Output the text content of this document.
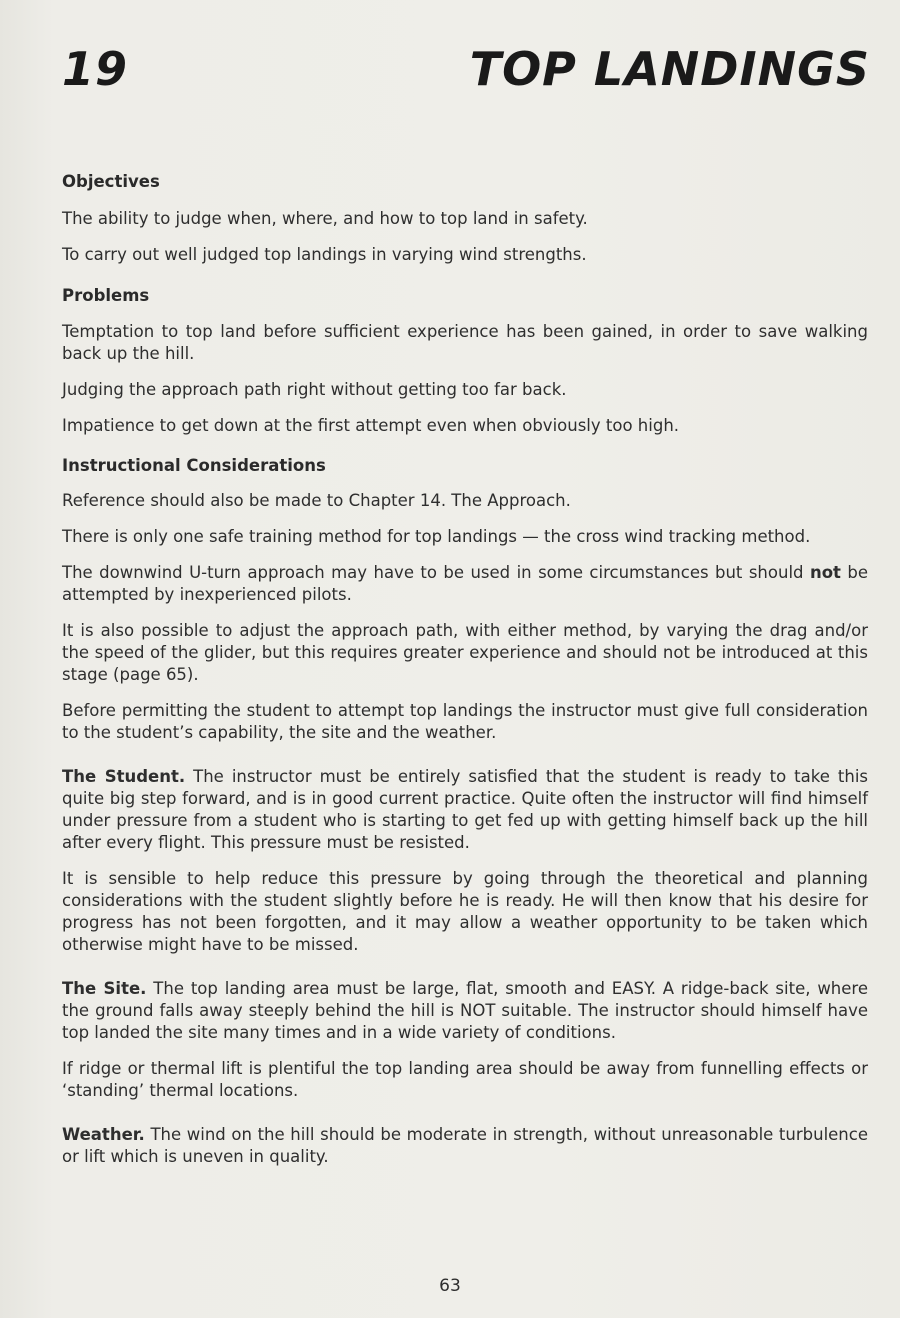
19	TOP LANDINGS
Objectives

The ability to judge when, where, and how to top land in safety.

To carry out well judged top landings in varying wind strengths.

Problems

Temptation to top land before sufficient experience has been gained, in order to save walking back up the hill.

Judging the approach path right without getting too far back.

Impatience to get down at the first attempt even when obviously too high.

Instructional Considerations

Reference should also be made to Chapter 14. The Approach.

There is only one safe training method for top landings — the cross wind tracking method.

The downwind U-turn approach may have to be used in some circumstances but should not be attempted by inexperienced pilots.

It is also possible to adjust the approach path, with either method, by varying the drag and/or the speed of the glider, but this requires greater experience and should not be introduced at this stage (page 65).

Before permitting the student to attempt top landings the instructor must give full consideration to the student’s capability, the site and the weather.

The Student. The instructor must be entirely satisfied that the student is ready to take this quite big step forward, and is in good current practice. Quite often the instructor will find himself under pressure from a student who is starting to get fed up with getting himself back up the hill after every flight. This pressure must be resisted.

It is sensible to help reduce this pressure by going through the theoretical and planning considerations with the student slightly before he is ready. He will then know that his desire for progress has not been forgotten, and it may allow a weather opportunity to be taken which otherwise might have to be missed.

The Site. The top landing area must be large, flat, smooth and EASY. A ridge-back site, where the ground falls away steeply behind the hill is NOT suitable. The instructor should himself have top landed the site many times and in a wide variety of conditions.

If ridge or thermal lift is plentiful the top landing area should be away from funnelling effects or ‘standing’ thermal locations.

Weather. The wind on the hill should be moderate in strength, without unreasonable turbulence or lift which is uneven in quality.

63
